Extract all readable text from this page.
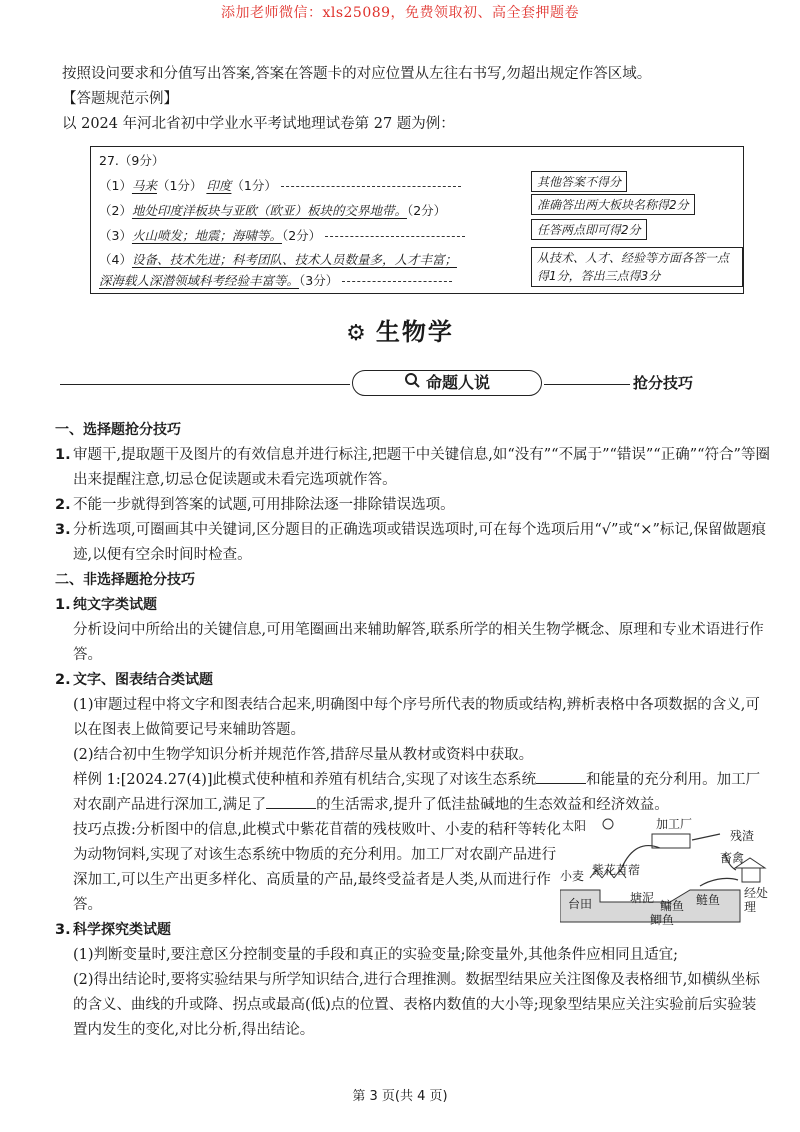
添加老师微信：xls25089，免费领取初、高全套押题卷

按照设问要求和分值写出答案,答案在答题卡的对应位置从左往右书写,勿超出规定作答区域。

【答题规范示例】

以 2024 年河北省初中学业水平考试地理试卷第 27 题为例：

27.（9分）
（1）马来（1分） 印度（1分）	其他答案不得分
（2）地处印度洋板块与亚欧（欧亚）板块的交界地带。（2分）	准确答出两大板块名称得2分
（3）火山喷发；地震；海啸等。（2分）	任答两点即可得2分
（4）设备、技术先进；科考团队、技术人员数量多，人才丰富；
深海载人深潜领域科考经验丰富等。（3分）
从技术、人才、经验等方面各答一点得1分，答出三点得3分
⚙ 生物学
命题人说	抢分技巧

一、选择题抢分技巧

1. 审题干,提取题干及图片的有效信息并进行标注,把题干中关键信息,如“没有”“不属于”“错误”“正确”“符合”等圈出来提醒注意,切忌仓促读题或未看完选项就作答。

2. 不能一步就得到答案的试题,可用排除法逐一排除错误选项。

3. 分析选项,可圈画其中关键词,区分题目的正确选项或错误选项时,可在每个选项后用“√”或“×”标记,保留做题痕迹,以便有空余时间时检查。

二、非选择题抢分技巧

1. 纯文字类试题

分析设问中所给出的关键信息,可用笔圈画出来辅助解答,联系所学的相关生物学概念、原理和专业术语进行作答。

2. 文字、图表结合类试题

(1)审题过程中将文字和图表结合起来,明确图中每个序号所代表的物质或结构,辨析表格中各项数据的含义,可以在图表上做简要记号来辅助答题。

(2)结合初中生物学知识分析并规范作答,措辞尽量从教材或资料中获取。

样例 1:[2024.27(4)]此模式使种植和养殖有机结合,实现了对该生态系统	和能量的充分利用。加工厂对农副产品进行深加工,满足了	的生活需求,提升了低洼盐碱地的生态效益和经济效益。

技巧点拨:分析图中的信息,此模式中紫花苜蓿的残枝败叶、小麦的秸秆等转化为动物饲料,实现了对该生态系统中物质的充分利用。加工厂对农副产品进行深加工,可以生产出更多样化、高质量的产品,最终受益者是人类,从而进行作答。

太阳	加工厂
残渣
畜禽
小麦 紫花苜蓿
台田	塘泥
鳙鱼 鲢鱼
鲫鱼
经处理

3. 科学探究类试题

(1)判断变量时,要注意区分控制变量的手段和真正的实验变量;除变量外,其他条件应相同且适宜;

(2)得出结论时,要将实验结果与所学知识结合,进行合理推测。数据型结果应关注图像及表格细节,如横纵坐标的含义、曲线的升或降、拐点或最高(低)点的位置、表格内数值的大小等;现象型结果应关注实验前后实验装置内发生的变化,对比分析,得出结论。

第 3 页(共 4 页)
